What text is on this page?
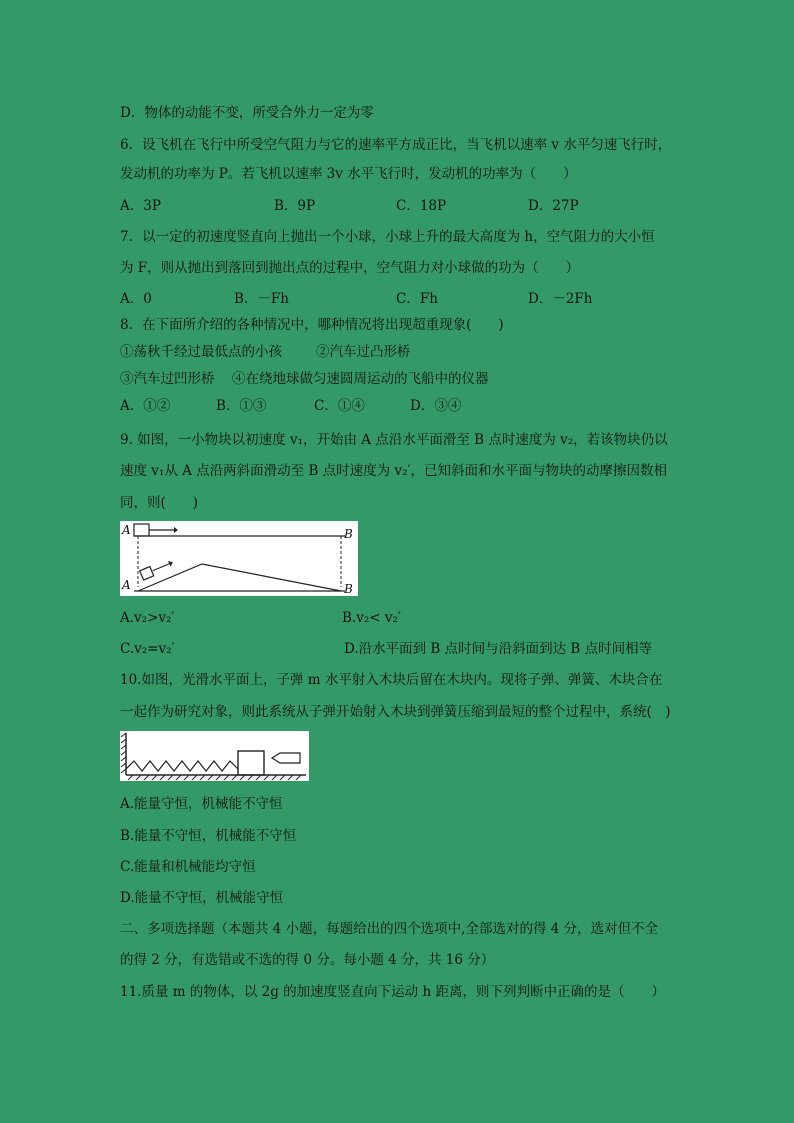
D．物体的动能不变，所受合外力一定为零
6．设飞机在飞行中所受空气阻力与它的速率平方成正比，当飞机以速率 v 水平匀速飞行时，
发动机的功率为 P。若飞机以速率 3v 水平飞行时，发动机的功率为（　　）
A．3P	B．9P	C．18P	D．27P
7．以一定的初速度竖直向上抛出一个小球，小球上升的最大高度为 h，空气阻力的大小恒
为 F，则从抛出到落回到抛出点的过程中，空气阻力对小球做的功为（　　）
A．0	B．－Fh	C．Fh	D．－2Fh
8．在下面所介绍的各种情况中，哪种情况将出现超重现象(　　)
①荡秋千经过最低点的小孩	②汽车过凸形桥
③汽车过凹形桥 ④在绕地球做匀速圆周运动的飞船中的仪器
A．①②	B．①③	C．①④	D．③④
9. 如图，一小物块以初速度 v₁，开始由 A 点沿水平面滑至 B 点时速度为 v₂，若该物块仍以
速度 v₁从 A 点沿两斜面滑动至 B 点时速度为 v₂′，已知斜面和水平面与物块的动摩擦因数相
同，则(　　)
A	B
A	B
A.v₂>v₂′	B.v₂< v₂′
C.v₂=v₂′	D.沿水平面到 B 点时间与沿斜面到达 B 点时间相等
10.如图，光滑水平面上，子弹 m 水平射入木块后留在木块内。现将子弹、弹簧、木块合在
一起作为研究对象，则此系统从子弹开始射入木块到弹簧压缩到最短的整个过程中，系统(　)
A.能量守恒，机械能不守恒
B.能量不守恒，机械能不守恒
C.能量和机械能均守恒
D.能量不守恒，机械能守恒
二、多项选择题（本题共 4 小题，每题给出的四个选项中,全部选对的得 4 分，选对但不全
的得 2 分，有选错或不选的得 0 分。每小题 4 分，共 16 分）
11.质量 m 的物体，以 2g 的加速度竖直向下运动 h 距离，则下列判断中正确的是（　　）
